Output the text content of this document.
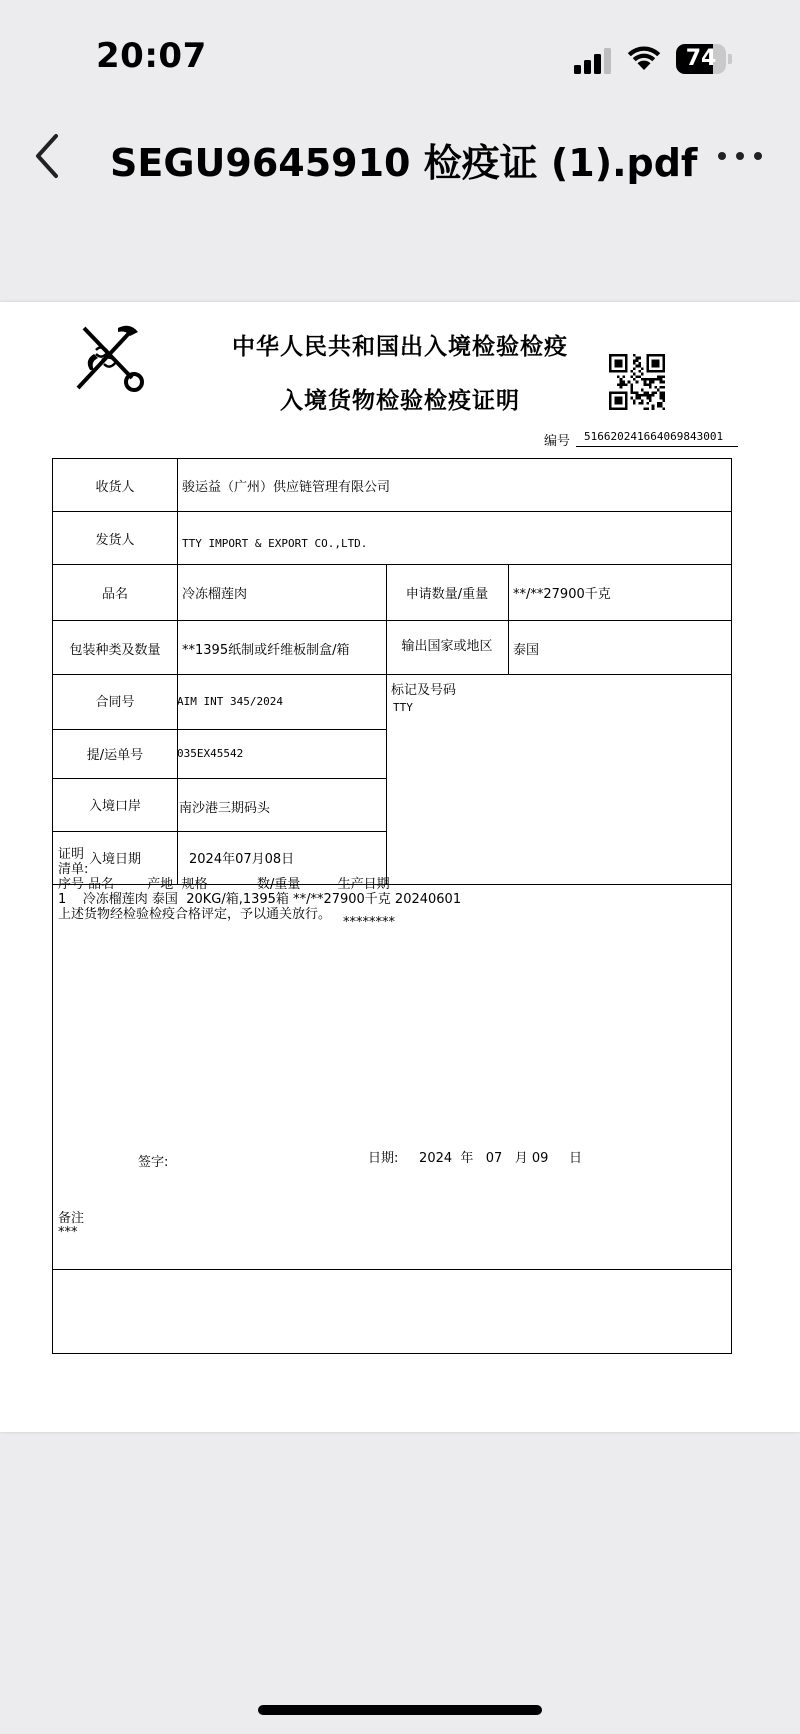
20:07	74
SEGU9645910 检疫证 (1).pdf
中华人民共和国出入境检验检疫
入境货物检验检疫证明
编号	516620241664069843001
收货人	骏运益（广州）供应链管理有限公司
发货人	TTY IMPORT & EXPORT CO.,LTD.
品名	冷冻榴莲肉	申请数量/重量	**/**27900千克
包装种类及数量	**1395纸制或纤维板制盒/箱	输出国家或地区	泰国
合同号	AIM INT 345/2024
标记及号码
TTY
提/运单号	035EX45542
入境口岸	南沙港三期码头
入境日期	2024年07月08日
证明
清单:
序号 品名        产地  规格            数/重量         生产日期
1    冷冻榴莲肉 泰国  20KG/箱,1395箱 **/**27900千克 20240601
上述货物经检验检疫合格评定，予以通关放行。
********
签字:	日期:     2024  年   07   月 09     日
备注
***
